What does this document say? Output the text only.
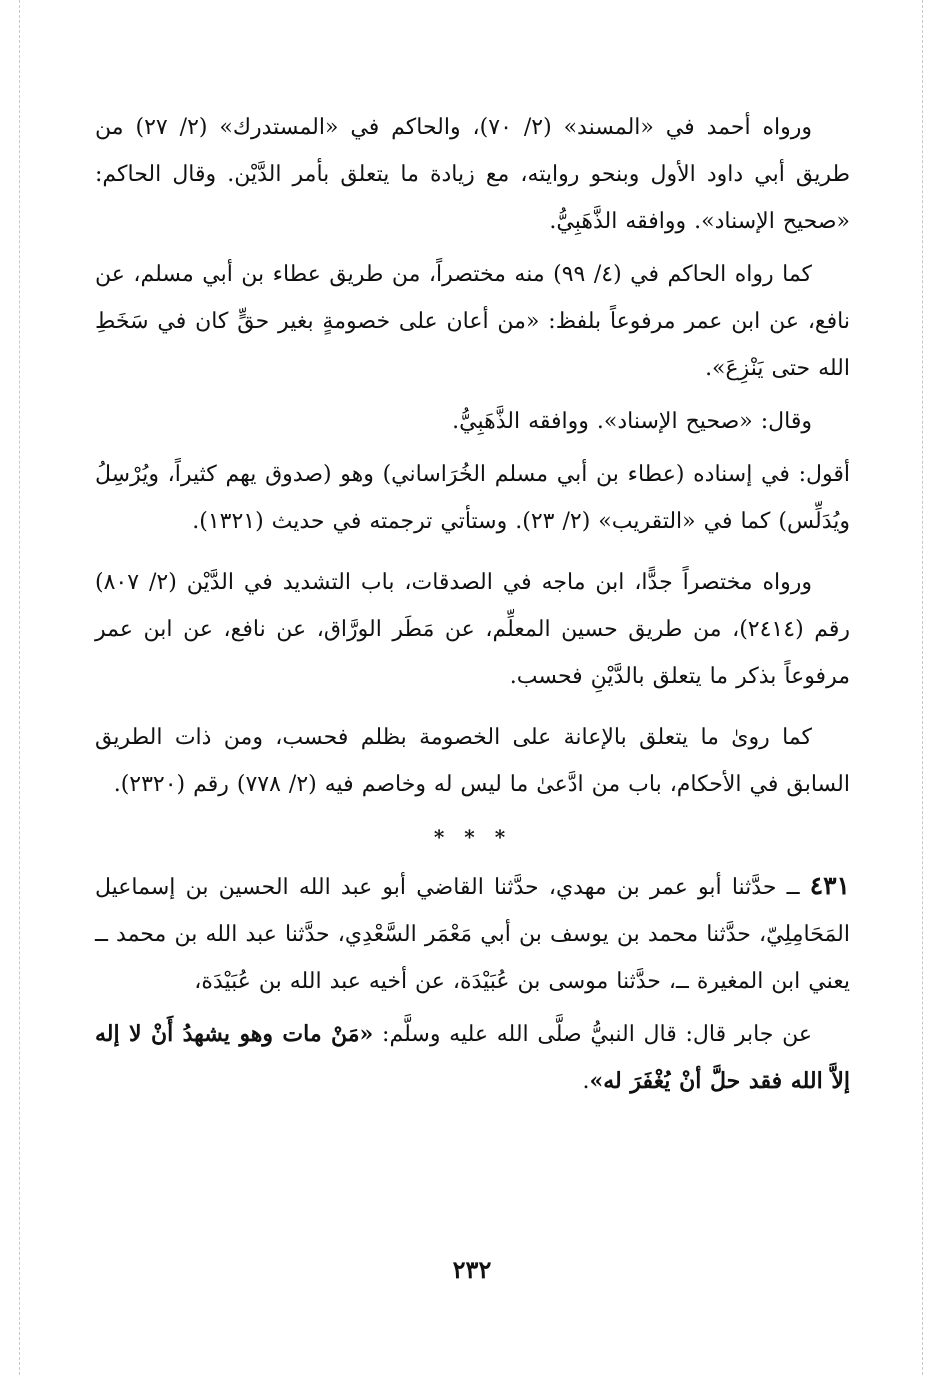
ورواه أحمد في «المسند» (٢/ ٧٠)، والحاكم في «المستدرك» (٢/ ٢٧) من طريق أبي داود الأول وبنحو روايته، مع زيادة ما يتعلق بأمر الدَّيْن. وقال الحاكم: «صحيح الإسناد». ووافقه الذَّهَبِيُّ.

كما رواه الحاكم في (٤/ ٩٩) منه مختصراً، من طريق عطاء بن أبي مسلم، عن نافع، عن ابن عمر مرفوعاً بلفظ: «من أعان على خصومةٍ بغير حقٍّ كان في سَخَطِ الله حتى يَنْزِعَ».

وقال: «صحيح الإسناد». ووافقه الذَّهَبِيُّ.

أقول: في إسناده (عطاء بن أبي مسلم الخُرَاساني) وهو (صدوق يهم كثيراً، ويُرْسِلُ ويُدَلِّس) كما في «التقريب» (٢/ ٢٣). وستأتي ترجمته في حديث (١٣٢١).

ورواه مختصراً جدًّا، ابن ماجه في الصدقات، باب التشديد في الدَّيْن (٢/ ٨٠٧) رقم (٢٤١٤)، من طريق حسين المعلِّم، عن مَطَر الورَّاق، عن نافع، عن ابن عمر مرفوعاً بذكر ما يتعلق بالدَّيْنِ فحسب.

كما روىٰ ما يتعلق بالإعانة على الخصومة بظلم فحسب، ومن ذات الطريق السابق في الأحكام، باب من ادَّعىٰ ما ليس له وخاصم فيه (٢/ ٧٧٨) رقم (٢٣٢٠).

* * *

٤٣١ ــ حدَّثنا أبو عمر بن مهدي، حدَّثنا القاضي أبو عبد الله الحسين بن إسماعيل المَحَامِلِيّ، حدَّثنا محمد بن يوسف بن أبي مَعْمَر السَّعْدِي، حدَّثنا عبد الله بن محمد ــ يعني ابن المغيرة ــ، حدَّثنا موسى بن عُبَيْدَة، عن أخيه عبد الله بن عُبَيْدَة،

عن جابر قال: قال النبيُّ صلَّى الله عليه وسلَّم: «مَنْ مات وهو يشهدُ أَنْ لا إله إلاَّ الله فقد حلَّ أنْ يُغْفَرَ له».

٢٣٢
